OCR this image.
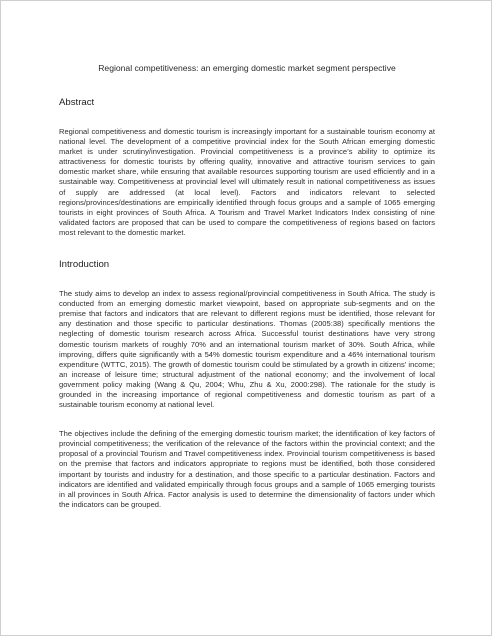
Regional competitiveness: an emerging domestic market segment perspective

Abstract

Regional competitiveness and domestic tourism is increasingly important for a sustainable tourism economy at national level. The development of a competitive provincial index for the South African emerging domestic market is under scrutiny/investigation. Provincial competitiveness is a province’s ability to optimize its attractiveness for domestic tourists by offering quality, innovative and attractive tourism services to gain domestic market share, while ensuring that available resources supporting tourism are used efficiently and in a sustainable way. Competitiveness at provincial level will ultimately result in national competitiveness as issues of supply are addressed (at local level). Factors and indicators relevant to selected regions/provinces/destinations are empirically identified through focus groups and a sample of 1065 emerging tourists in eight provinces of South Africa. A Tourism and Travel Market Indicators Index consisting of nine validated factors are proposed that can be used to compare the competitiveness of regions based on factors most relevant to the domestic market.

Introduction

The study aims to develop an index to assess regional/provincial competitiveness in South Africa. The study is conducted from an emerging domestic market viewpoint, based on appropriate sub-segments and on the premise that factors and indicators that are relevant to different regions must be identified, those relevant for any destination and those specific to particular destinations. Thomas (2005:38) specifically mentions the neglecting of domestic tourism research across Africa. Successful tourist destinations have very strong domestic tourism markets of roughly 70% and an international tourism market of 30%. South Africa, while improving, differs quite significantly with a 54% domestic tourism expenditure and a 46% international tourism expenditure (WTTC, 2015). The growth of domestic tourism could be stimulated by a growth in citizens’ income; an increase of leisure time; structural adjustment of the national economy; and the involvement of local government policy making (Wang & Qu, 2004; Whu, Zhu & Xu, 2000:298). The rationale for the study is grounded in the increasing importance of regional competitiveness and domestic tourism as part of a sustainable tourism economy at national level.

The objectives include the defining of the emerging domestic tourism market; the identification of key factors of provincial competitiveness; the verification of the relevance of the factors within the provincial context; and the proposal of a provincial Tourism and Travel competitiveness index. Provincial tourism competitiveness is based on the premise that factors and indicators appropriate to regions must be identified, both those considered important by tourists and industry for a destination, and those specific to a particular destination. Factors and indicators are identified and validated empirically through focus groups and a sample of 1065 emerging tourists in all provinces in South Africa. Factor analysis is used to determine the dimensionality of factors under which the indicators can be grouped.
